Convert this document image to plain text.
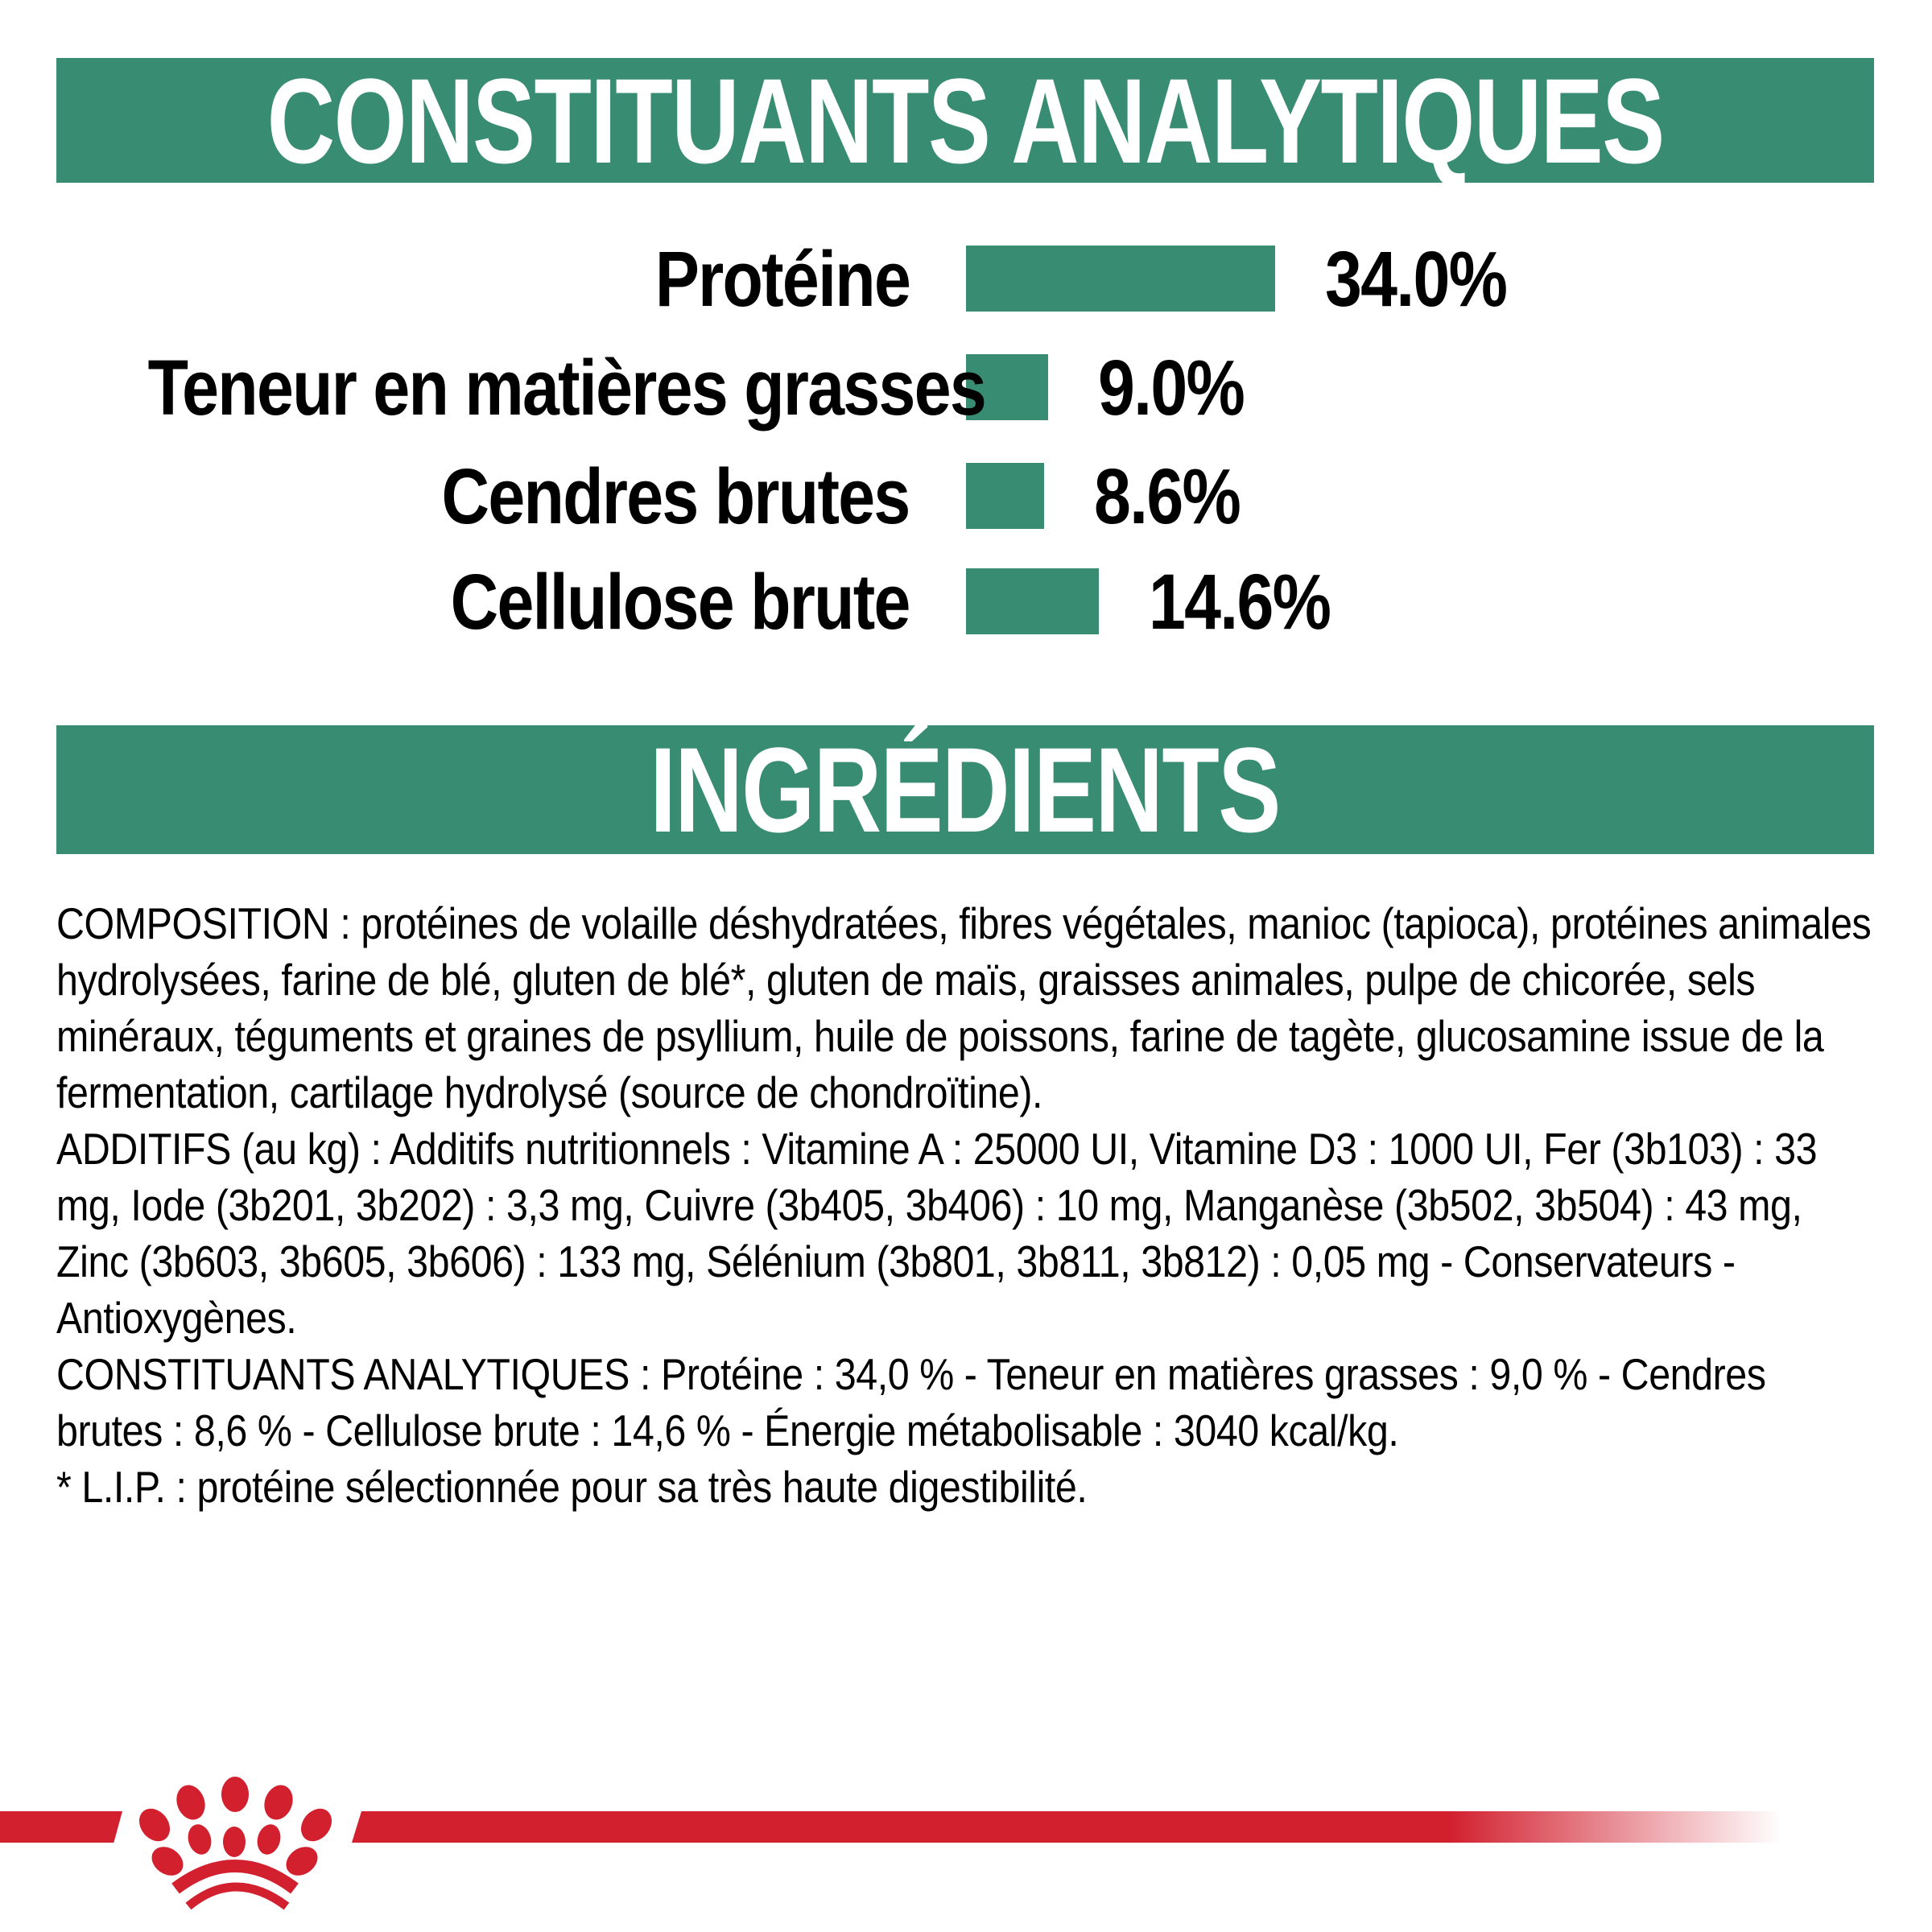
CONSTITUANTS ANALYTIQUES
Protéine	34.0%
Teneur en matières grasses 9.0%
Cendres brutes 8.6%
Cellulose brute	14.6%
INGRÉDIENTS

COMPOSITION : protéines de volaille déshydratées, fibres végétales, manioc (tapioca), protéines animales hydrolysées, farine de blé, gluten de blé*, gluten de maïs, graisses animales, pulpe de chicorée, sels minéraux, téguments et graines de psyllium, huile de poissons, farine de tagète, glucosamine issue de la fermentation, cartilage hydrolysé (source de chondroïtine).

ADDITIFS (au kg) : Additifs nutritionnels : Vitamine A : 25000 UI, Vitamine D3 : 1000 UI, Fer (3b103) : 33 mg, Iode (3b201, 3b202) : 3,3 mg, Cuivre (3b405, 3b406) : 10 mg, Manganèse (3b502, 3b504) : 43 mg, Zinc (3b603, 3b605, 3b606) : 133 mg, Sélénium (3b801, 3b811, 3b812) : 0,05 mg - Conservateurs - Antioxygènes.

CONSTITUANTS ANALYTIQUES : Protéine : 34,0 % - Teneur en matières grasses : 9,0 % - Cendres brutes : 8,6 % - Cellulose brute : 14,6 % - Énergie métabolisable : 3040 kcal/kg.

* L.I.P. : protéine sélectionnée pour sa très haute digestibilité.
